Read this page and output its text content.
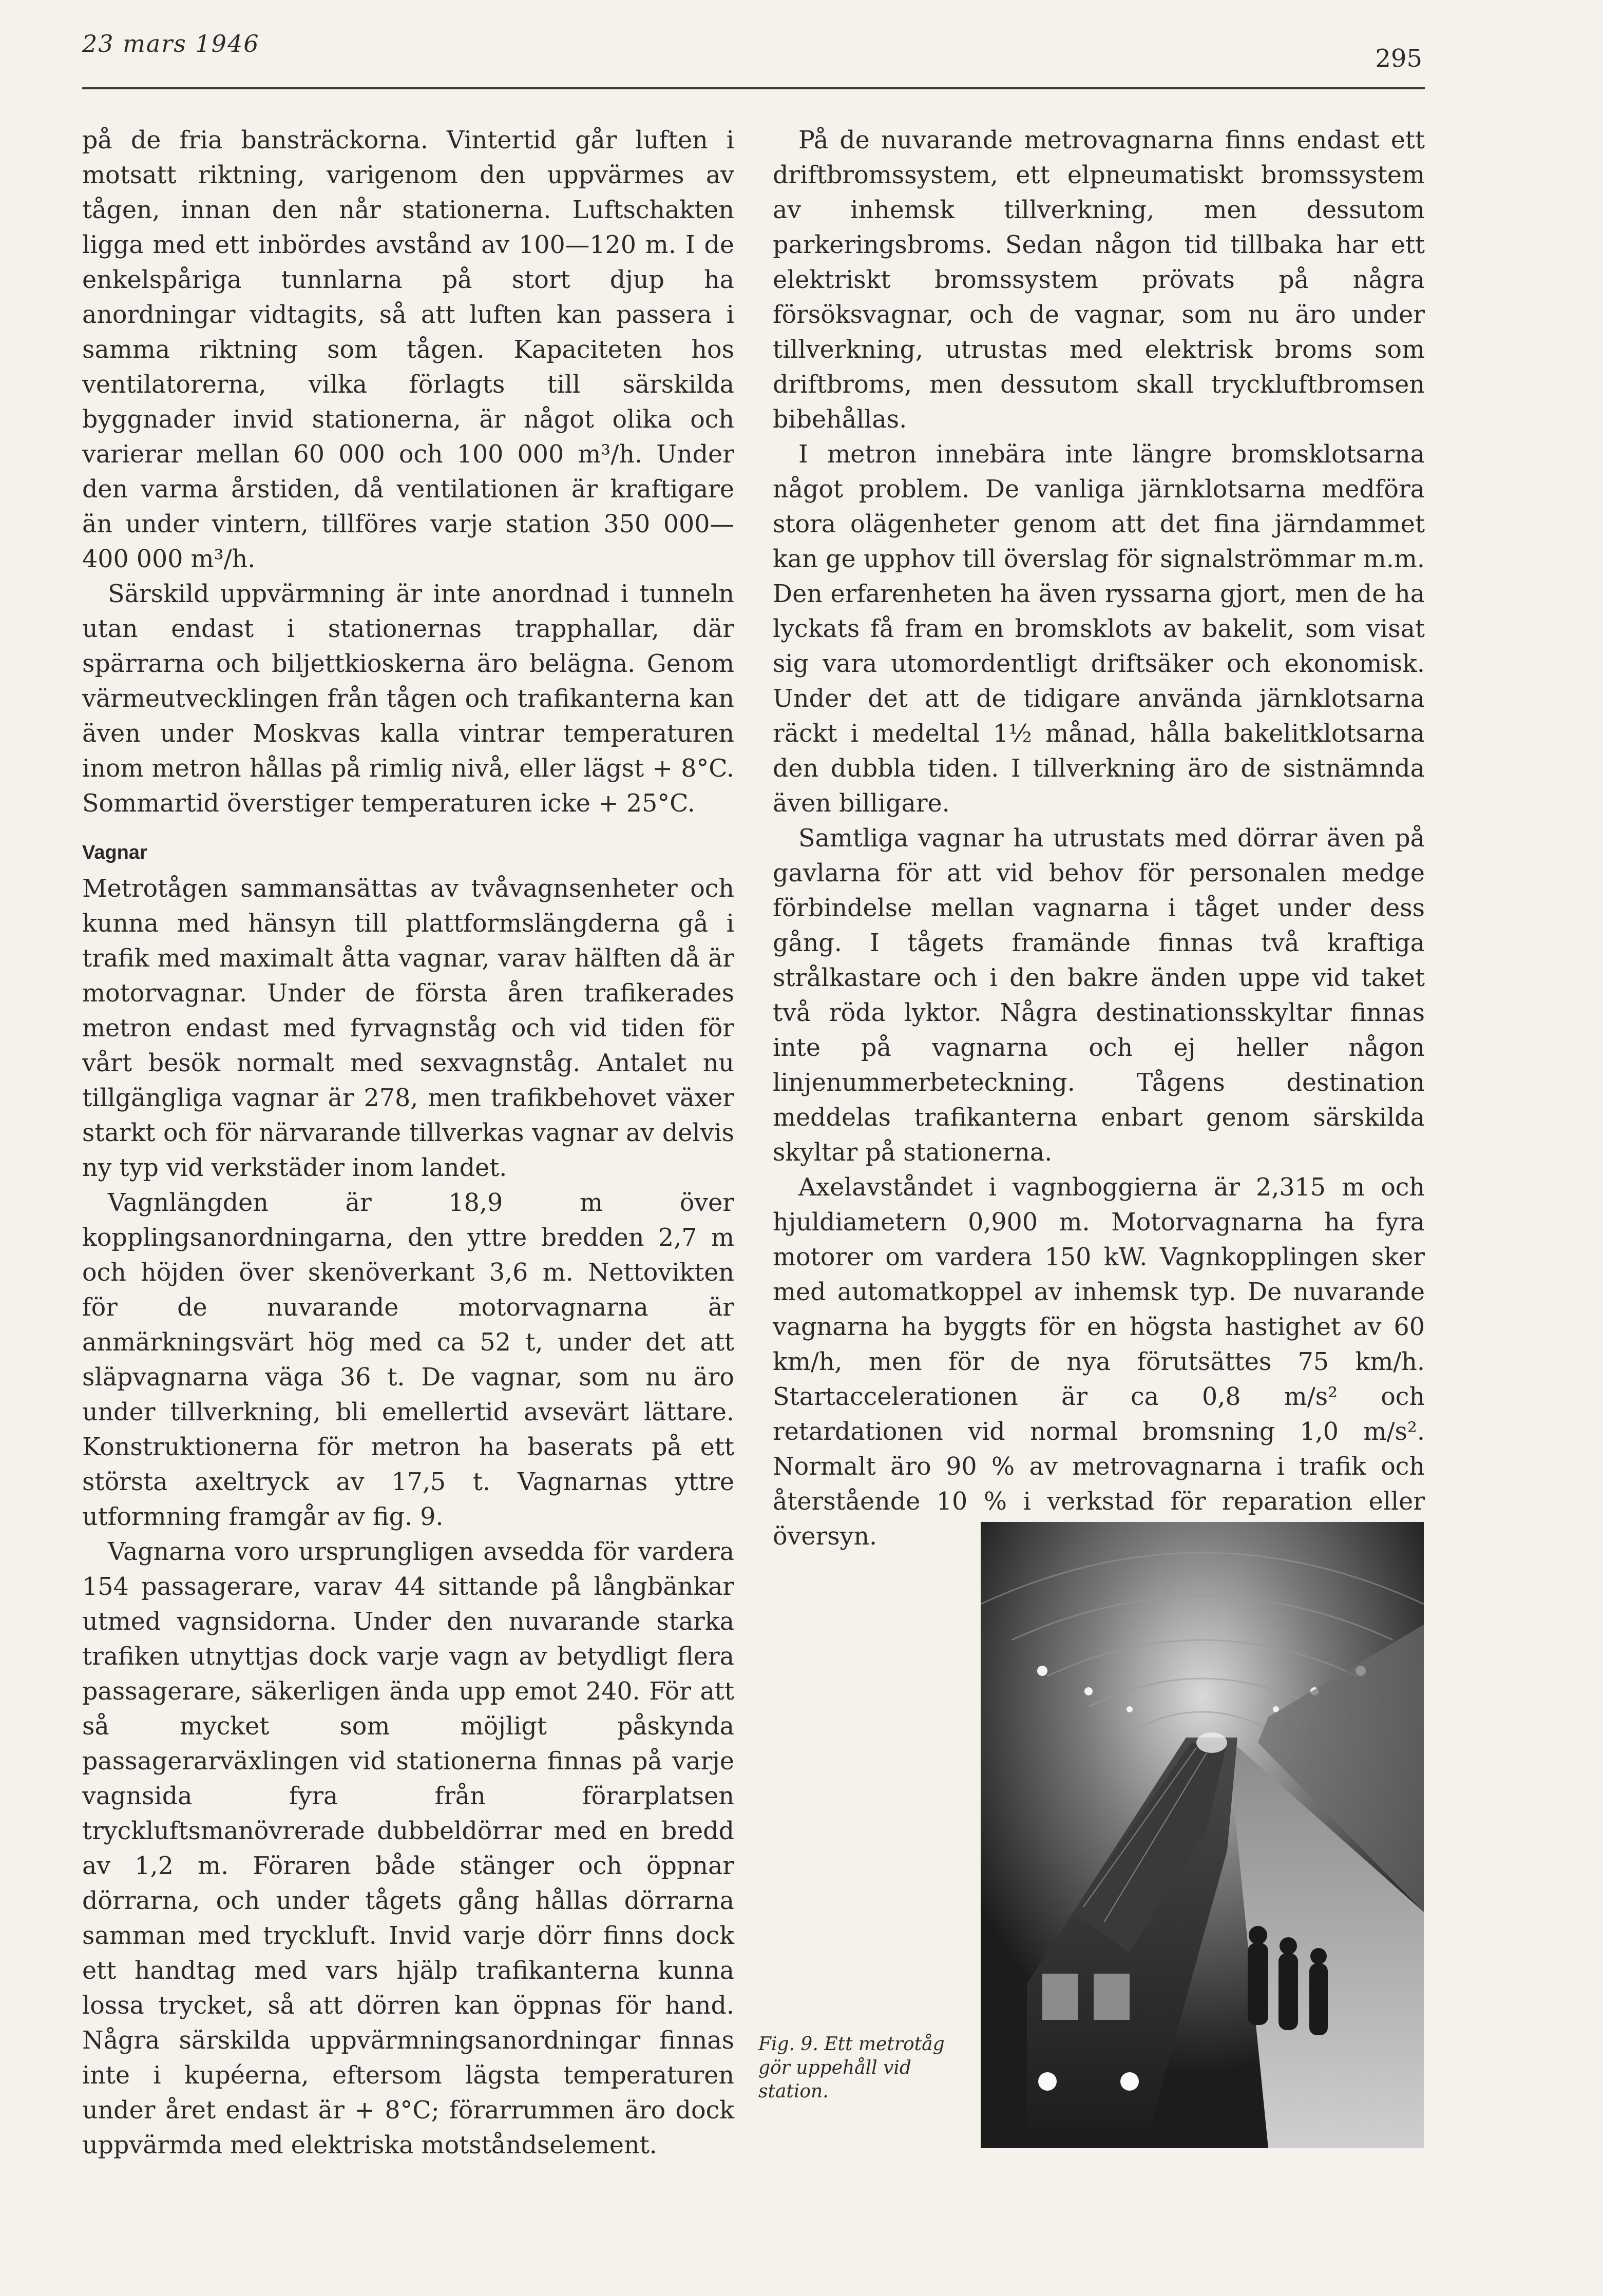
23 mars 1946
295

på de fria bansträckorna. Vintertid går luften i motsatt riktning, varigenom den uppvärmes av tågen, innan den når stationerna. Luftschakten ligga med ett inbördes avstånd av 100—120 m. I de enkelspåriga tunnlarna på stort djup ha anordningar vidtagits, så att luften kan passera i samma riktning som tågen. Kapaciteten hos ventilatorerna, vilka förlagts till särskilda byggnader invid stationerna, är något olika och varierar mellan 60 000 och 100 000 m³/h. Under den varma årstiden, då ventilationen är kraftigare än under vintern, tillföres varje station 350 000—400 000 m³/h.

Särskild uppvärmning är inte anordnad i tunneln utan endast i stationernas trapphallar, där spärrarna och biljettkioskerna äro belägna. Genom värmeutvecklingen från tågen och trafikanterna kan även under Moskvas kalla vintrar temperaturen inom metron hållas på rimlig nivå, eller lägst + 8°C. Sommartid överstiger temperaturen icke + 25°C.

Vagnar

Metrotågen sammansättas av tvåvagnsenheter och kunna med hänsyn till plattformslängderna gå i trafik med maximalt åtta vagnar, varav hälften då är motorvagnar. Under de första åren trafikerades metron endast med fyrvagnståg och vid tiden för vårt besök normalt med sexvagnståg. Antalet nu tillgängliga vagnar är 278, men trafikbehovet växer starkt och för närvarande tillverkas vagnar av delvis ny typ vid verkstäder inom landet.

Vagnlängden är 18,9 m över kopplingsanordningarna, den yttre bredden 2,7 m och höjden över skenöverkant 3,6 m. Nettovikten för de nuvarande motorvagnarna är anmärkningsvärt hög med ca 52 t, under det att släpvagnarna väga 36 t. De vagnar, som nu äro under tillverkning, bli emellertid avsevärt lättare. Konstruktionerna för metron ha baserats på ett största axeltryck av 17,5 t. Vagnarnas yttre utformning framgår av fig. 9.

Vagnarna voro ursprungligen avsedda för vardera 154 passagerare, varav 44 sittande på långbänkar utmed vagnsidorna. Under den nuvarande starka trafiken utnyttjas dock varje vagn av betydligt flera passagerare, säkerligen ända upp emot 240. För att så mycket som möjligt påskynda passagerarväxlingen vid stationerna finnas på varje vagnsida fyra från förarplatsen tryckluftsmanövrerade dubbeldörrar med en bredd av 1,2 m. Föraren både stänger och öppnar dörrarna, och under tågets gång hållas dörrarna samman med tryckluft. Invid varje dörr finns dock ett handtag med vars hjälp trafikanterna kunna lossa trycket, så att dörren kan öppnas för hand. Några särskilda uppvärmningsanordningar finnas inte i kupéerna, eftersom lägsta temperaturen under året endast är + 8°C; förarrummen äro dock uppvärmda med elektriska motståndselement.

På de nuvarande metrovagnarna finns endast ett driftbromssystem, ett elpneumatiskt bromssystem av inhemsk tillverkning, men dessutom parkeringsbroms. Sedan någon tid tillbaka har ett elektriskt bromssystem prövats på några försöksvagnar, och de vagnar, som nu äro under tillverkning, utrustas med elektrisk broms som driftbroms, men dessutom skall tryckluftbromsen bibehållas.

I metron innebära inte längre bromsklotsarna något problem. De vanliga järnklotsarna medföra stora olägenheter genom att det fina järndammet kan ge upphov till överslag för signalströmmar m.m. Den erfarenheten ha även ryssarna gjort, men de ha lyckats få fram en bromsklots av bakelit, som visat sig vara utomordentligt driftsäker och ekonomisk. Under det att de tidigare använda järnklotsarna räckt i medeltal 1½ månad, hålla bakelitklotsarna den dubbla tiden. I tillverkning äro de sistnämnda även billigare.

Samtliga vagnar ha utrustats med dörrar även på gavlarna för att vid behov för personalen medge förbindelse mellan vagnarna i tåget under dess gång. I tågets framände finnas två kraftiga strålkastare och i den bakre änden uppe vid taket två röda lyktor. Några destinationsskyltar finnas inte på vagnarna och ej heller någon linjenummerbeteckning. Tågens destination meddelas trafikanterna enbart genom särskilda skyltar på stationerna.

Axelavståndet i vagnboggierna är 2,315 m och hjuldiametern 0,900 m. Motorvagnarna ha fyra motorer om vardera 150 kW. Vagnkopplingen sker med automatkoppel av inhemsk typ. De nuvarande vagnarna ha byggts för en högsta hastighet av 60 km/h, men för de nya förutsättes 75 km/h. Startaccelerationen är ca 0,8 m/s² och retardationen vid normal bromsning 1,0 m/s². Normalt äro 90 % av metrovagnarna i trafik och återstående 10 % i verkstad för reparation eller översyn.

Fig. 9. Ett metrotåg gör uppehåll vid station.
